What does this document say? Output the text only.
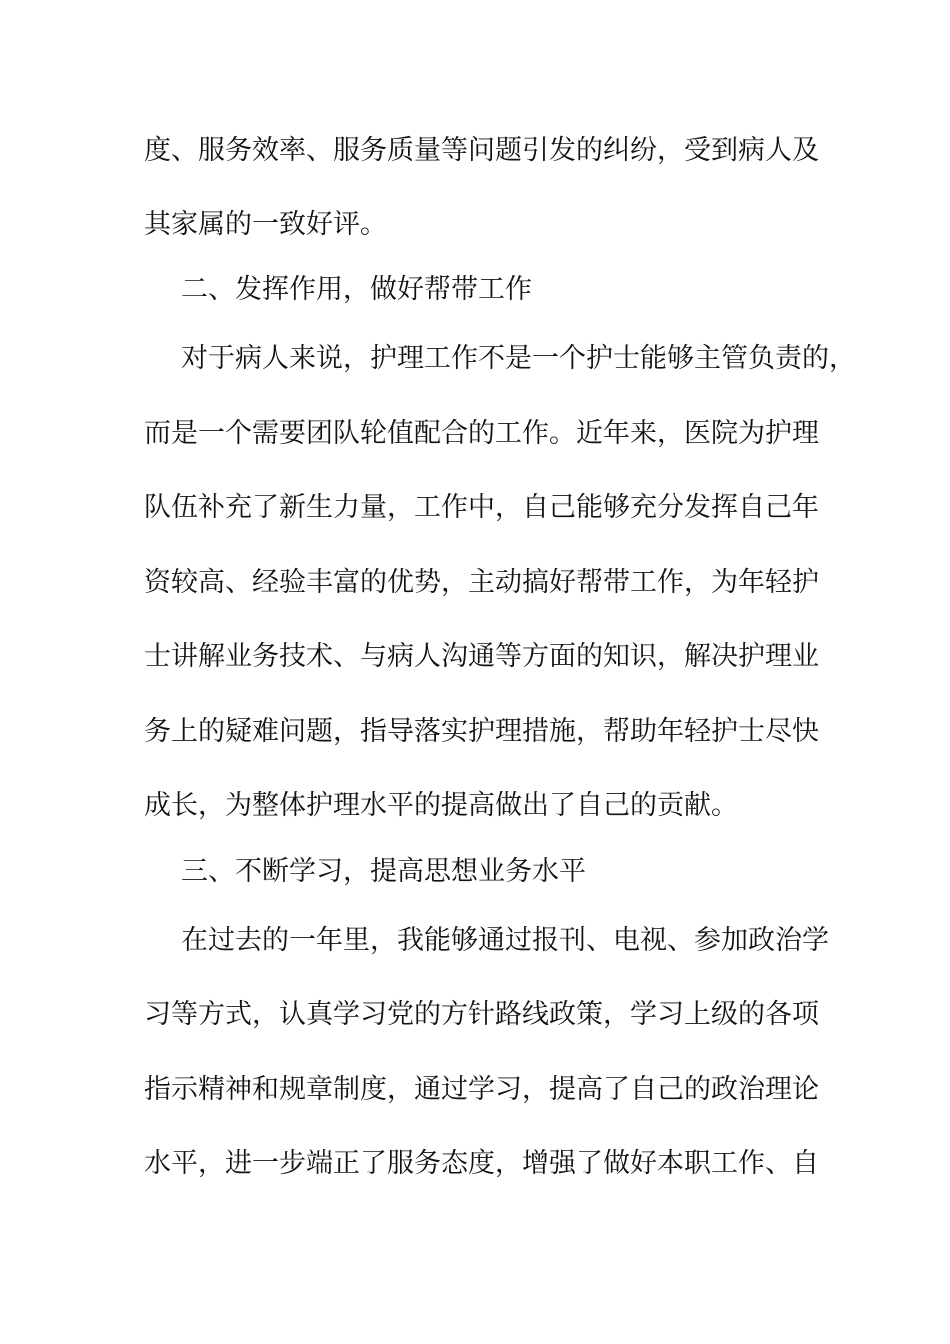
度、服务效率、服务质量等问题引发的纠纷，受到病人及

其家属的一致好评。

二、发挥作用，做好帮带工作

对于病人来说，护理工作不是一个护士能够主管负责的，

而是一个需要团队轮值配合的工作。近年来，医院为护理

队伍补充了新生力量，工作中，自己能够充分发挥自己年

资较高、经验丰富的优势，主动搞好帮带工作，为年轻护

士讲解业务技术、与病人沟通等方面的知识，解决护理业

务上的疑难问题，指导落实护理措施，帮助年轻护士尽快

成长，为整体护理水平的提高做出了自己的贡献。

三、不断学习，提高思想业务水平

在过去的一年里，我能够通过报刊、电视、参加政治学

习等方式，认真学习党的方针路线政策，学习上级的各项

指示精神和规章制度，通过学习，提高了自己的政治理论

水平，进一步端正了服务态度，增强了做好本职工作、自
